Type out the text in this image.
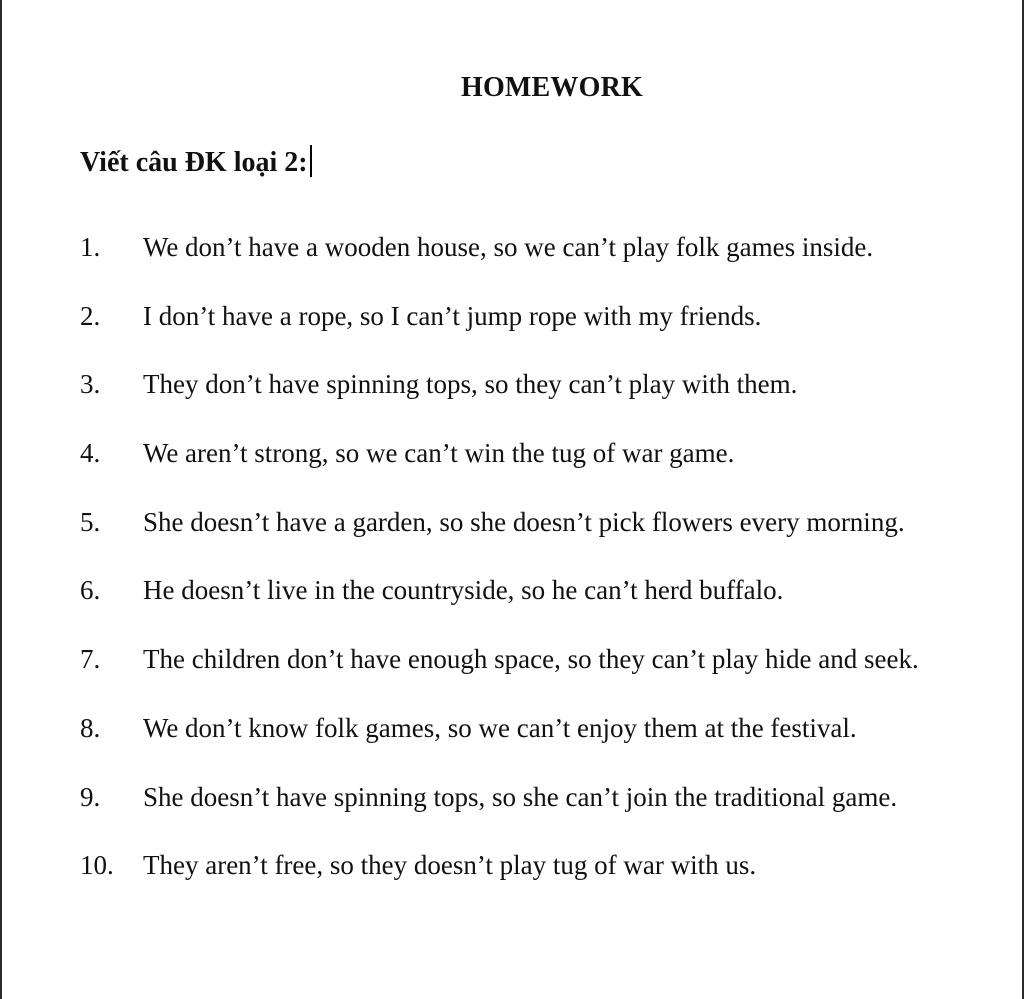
HOMEWORK
Viết câu ĐK loại 2:
1.	We don’t have a wooden house, so we can’t play folk games inside.
2.	I don’t have a rope, so I can’t jump rope with my friends.
3.	They don’t have spinning tops, so they can’t play with them.
4.	We aren’t strong, so we can’t win the tug of war game.
5.	She doesn’t have a garden, so she doesn’t pick flowers every morning.
6.	He doesn’t live in the countryside, so he can’t herd buffalo.
7.	The children don’t have enough space, so they can’t play hide and seek.
8.	We don’t know folk games, so we can’t enjoy them at the festival.
9.	She doesn’t have spinning tops, so she can’t join the traditional game.
10.	They aren’t free, so they doesn’t play tug of war with us.
